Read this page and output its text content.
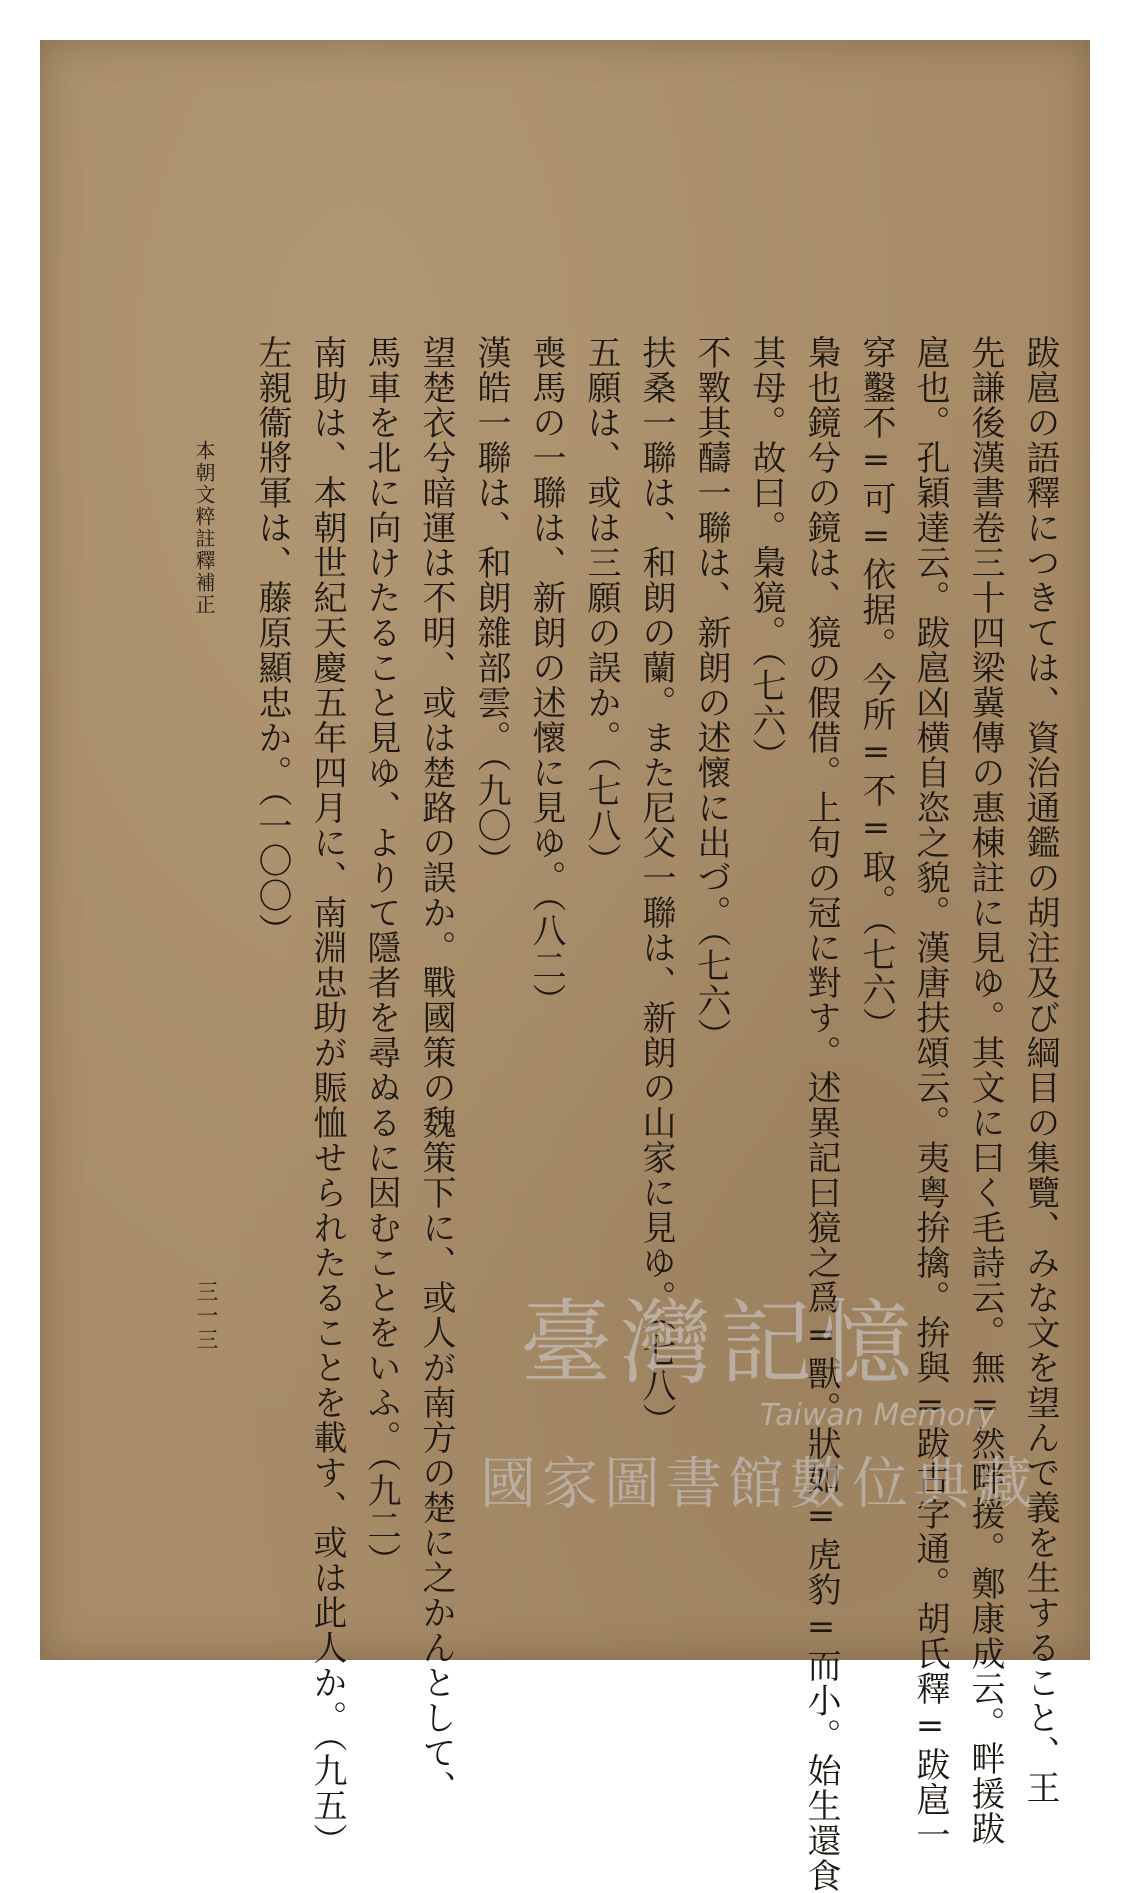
跋扈の語釋につきては、資治通鑑の胡注及び綱目の集覽、みな文を望んで義を生すること、王
先謙後漢書卷三十四梁冀傳の惠棟註に見ゆ。其文に曰く毛詩云。無=然畔援。鄭康成云。畔援跋
扈也。孔穎達云。跋扈凶横自恣之貌。漢唐扶頌云。夷粤拚擒。拚與=跋古字通。胡氏釋=跋扈一
穿鑿不=可=依据。今所=不=取。（七六）
梟也鏡兮の鏡は、獍の假借。上句の冠に對す。述異記曰獍之爲=獸。狀如=虎豹=而小。始生還食
其母。故曰。梟獍。（七六）
不斁其醻一聯は、新朗の述懷に出づ。（七六）
扶桑一聯は、和朗の蘭。また尼父一聯は、新朗の山家に見ゆ。（七八）
五願は、或は三願の誤か。（七八）
喪馬の一聯は、新朗の述懷に見ゆ。（八二）
漢皓一聯は、和朗雜部雲。（九〇）
望楚衣兮暗運は不明、或は楚路の誤か。戰國策の魏策下に、或人が南方の楚に之かんとして、
馬車を北に向けたること見ゆ、よりて隱者を尋ぬるに因むことをいふ。（九二）
南助は、本朝世紀天慶五年四月に、南淵忠助が賑恤せられたることを載す、或は此人か。（九五）
左親衞將軍は、藤原顯忠か。（一〇〇）
本朝文粹註釋補正
三一三	臺灣記憶
Taiwan Memory
國家圖書館數位典藏
